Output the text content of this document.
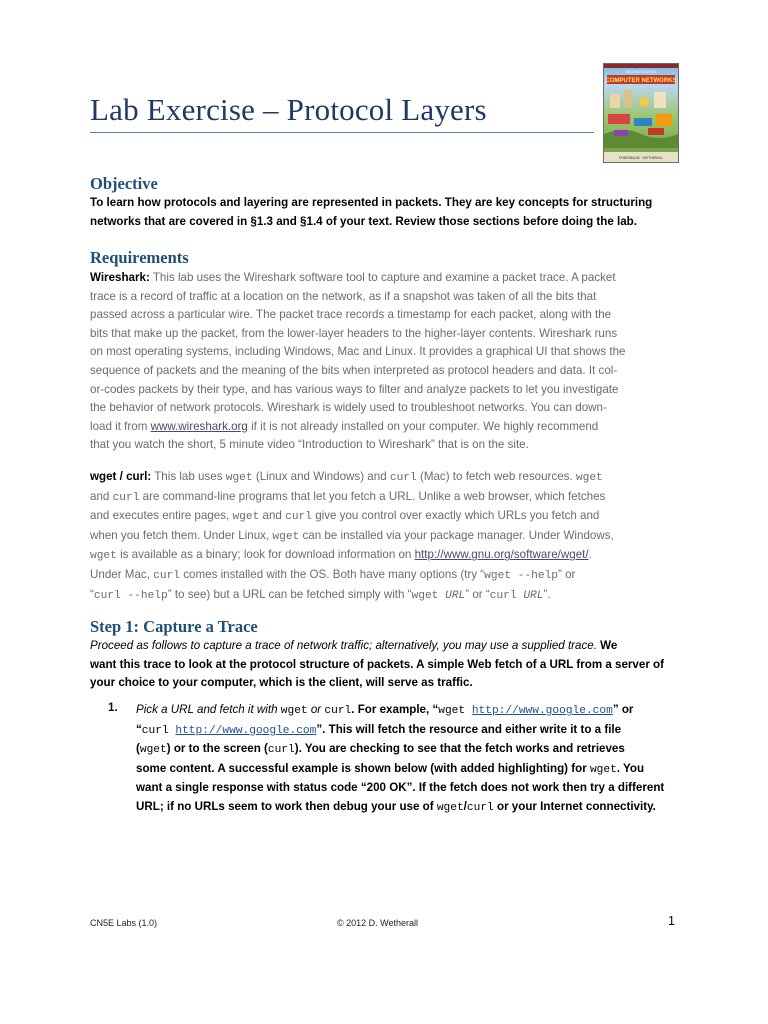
Lab Exercise – Protocol Layers
SECOND EDITION
COMPUTER NETWORKS
TANENBAUM · WETHERALL
Objective
To learn how protocols and layering are represented in packets. They are key concepts for structuring
networks that are covered in §1.3 and §1.4 of your text. Review those sections before doing the lab.
Requirements
Wireshark: This lab uses the Wireshark software tool to capture and examine a packet trace. A packet
trace is a record of traffic at a location on the network, as if a snapshot was taken of all the bits that
passed across a particular wire. The packet trace records a timestamp for each packet, along with the
bits that make up the packet, from the lower-layer headers to the higher-layer contents. Wireshark runs
on most operating systems, including Windows, Mac and Linux. It provides a graphical UI that shows the
sequence of packets and the meaning of the bits when interpreted as protocol headers and data. It col-
or-codes packets by their type, and has various ways to filter and analyze packets to let you investigate
the behavior of network protocols. Wireshark is widely used to troubleshoot networks. You can down-
load it from www.wireshark.org if it is not already installed on your computer. We highly recommend
that you watch the short, 5 minute video “Introduction to Wireshark” that is on the site.
wget / curl: This lab uses wget (Linux and Windows) and curl (Mac) to fetch web resources. wget
and curl are command-line programs that let you fetch a URL. Unlike a web browser, which fetches
and executes entire pages, wget and curl give you control over exactly which URLs you fetch and
when you fetch them. Under Linux, wget can be installed via your package manager. Under Windows,
wget is available as a binary; look for download information on http://www.gnu.org/software/wget/.
Under Mac, curl comes installed with the OS. Both have many options (try “wget --help” or
“curl --help” to see) but a URL can be fetched simply with “wget URL” or “curl URL”.
Step 1: Capture a Trace
Proceed as follows to capture a trace of network traffic; alternatively, you may use a supplied trace. We
want this trace to look at the protocol structure of packets. A simple Web fetch of a URL from a server of
your choice to your computer, which is the client, will serve as traffic.
1. Pick a URL and fetch it with wget or curl. For example, “wget http://www.google.com” or
“curl http://www.google.com”. This will fetch the resource and either write it to a file
(wget) or to the screen (curl). You are checking to see that the fetch works and retrieves
some content. A successful example is shown below (with added highlighting) for wget. You
want a single response with status code “200 OK”. If the fetch does not work then try a different
URL; if no URLs seem to work then debug your use of wget/curl or your Internet connectivity.
CN5E Labs (1.0)	© 2012 D. Wetherall	1
